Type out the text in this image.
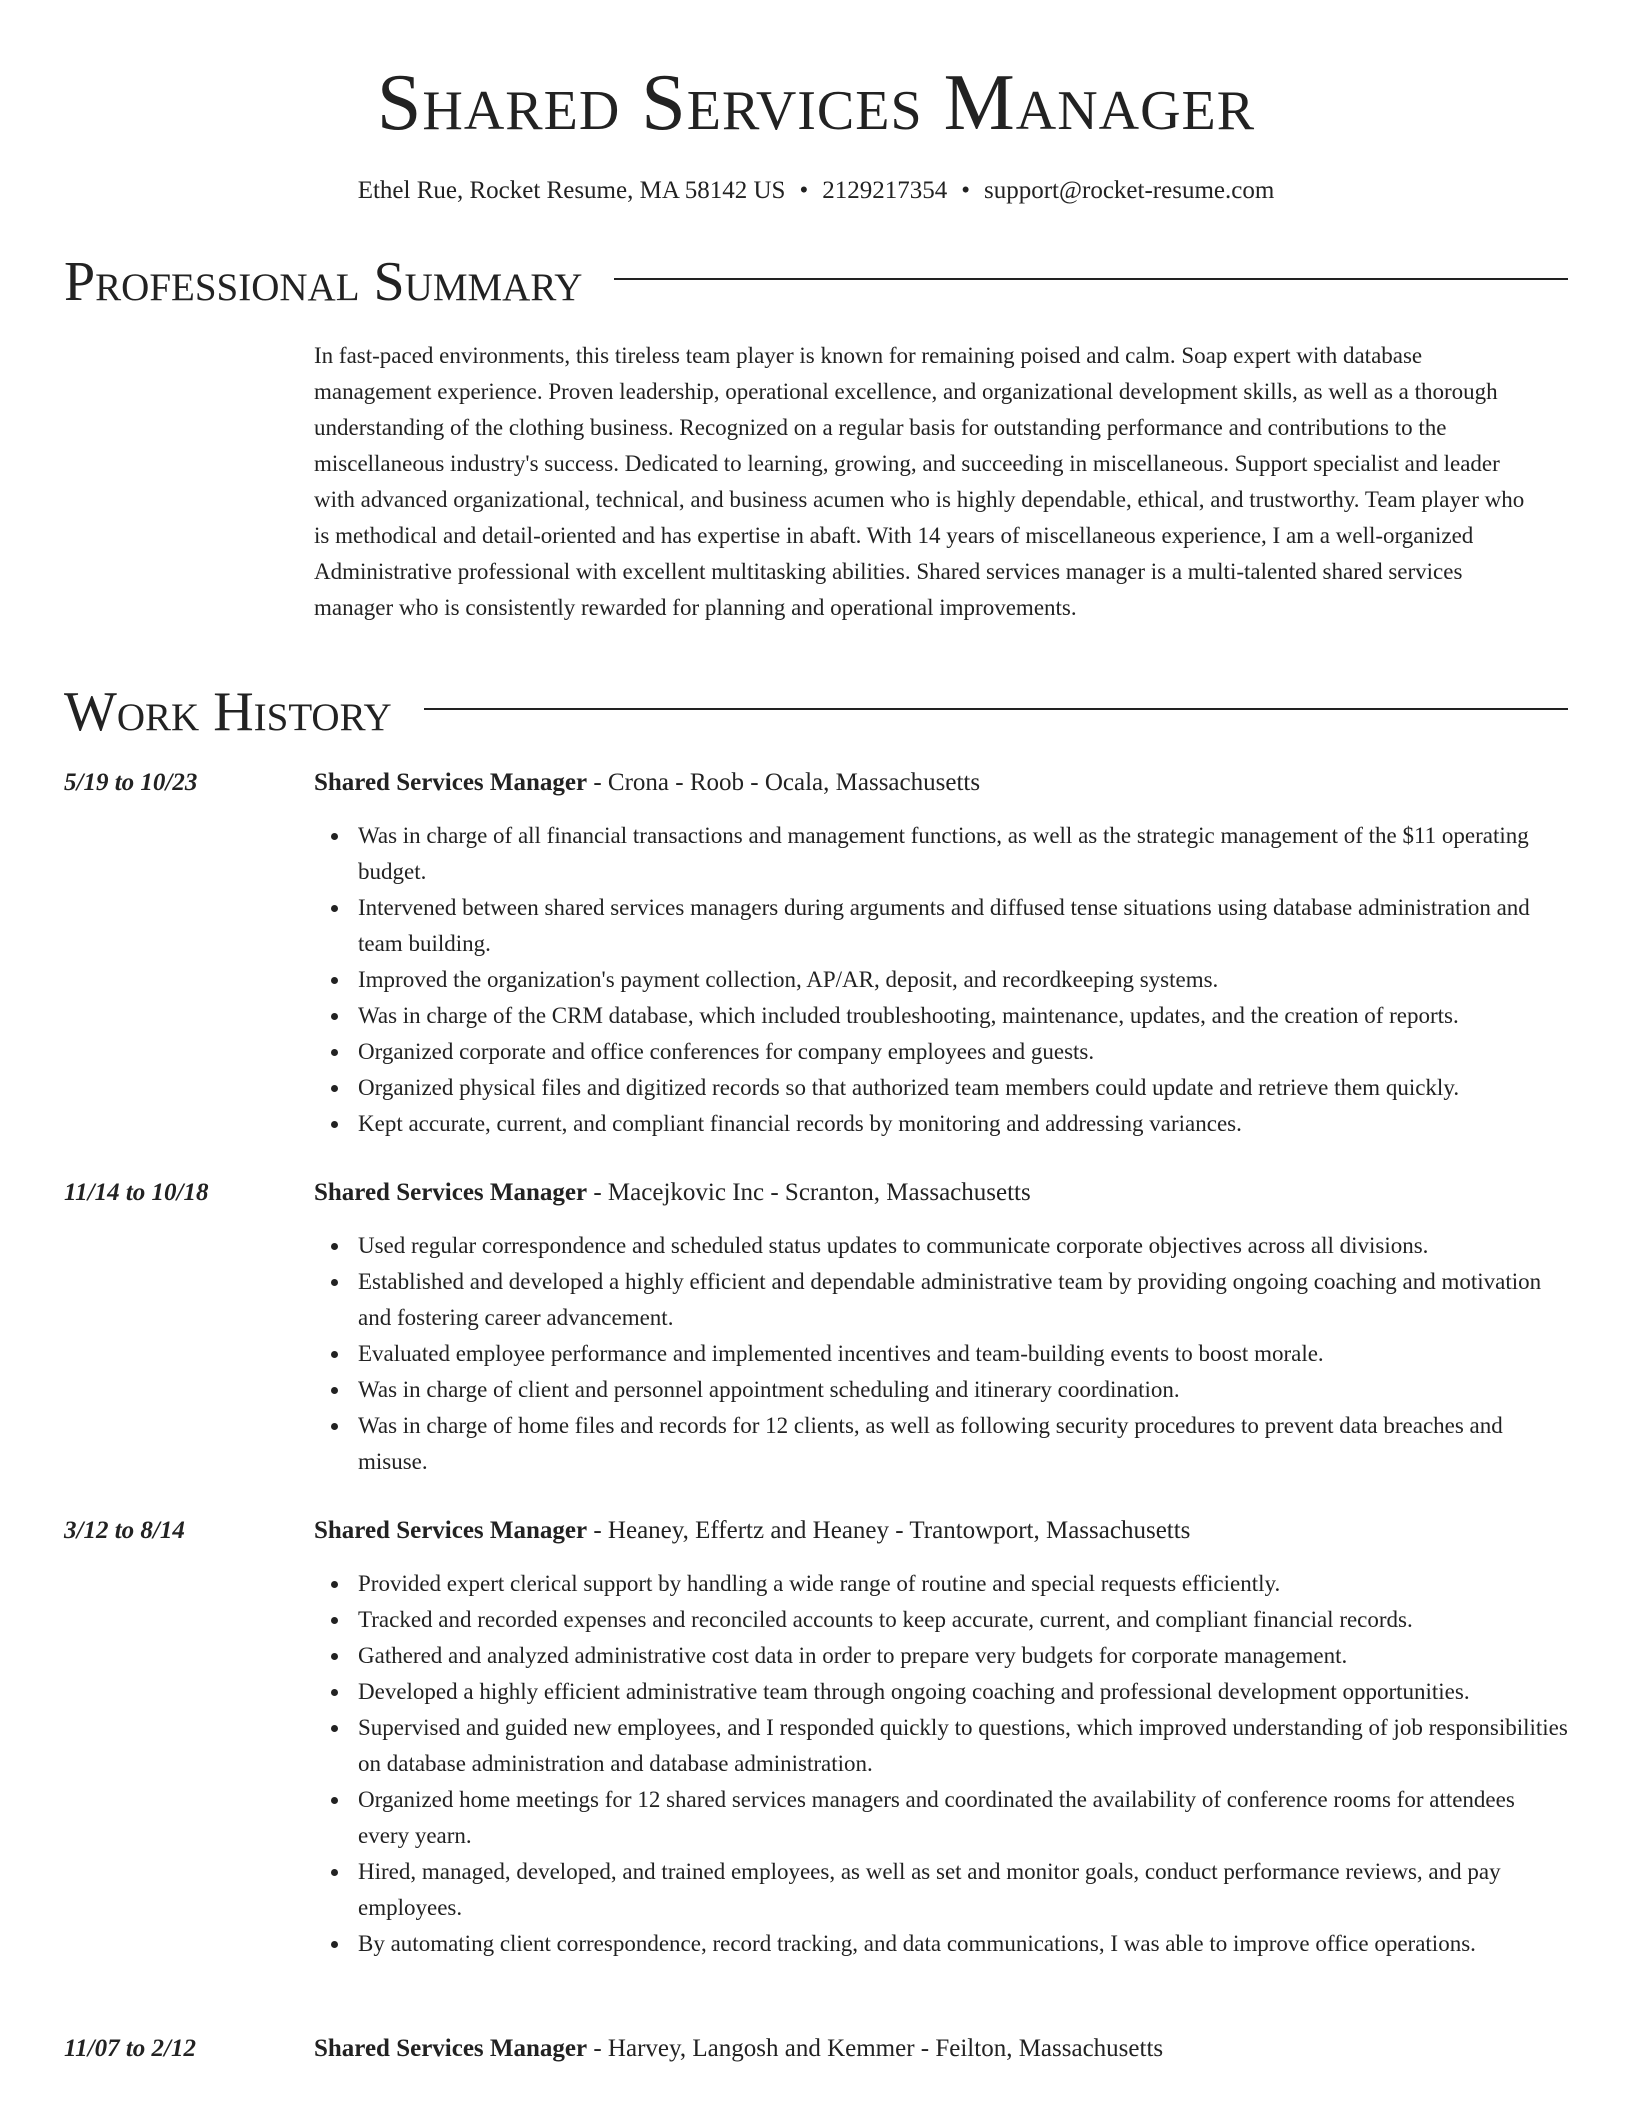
Shared Services Manager
Ethel Rue, Rocket Resume, MA 58142 US • 2129217354 • support@rocket-resume.com
Professional Summary

In fast-paced environments, this tireless team player is known for remaining poised and calm. Soap expert with database management experience. Proven leadership, operational excellence, and organizational development skills, as well as a thorough understanding of the clothing business. Recognized on a regular basis for outstanding performance and contributions to the miscellaneous industry's success. Dedicated to learning, growing, and succeeding in miscellaneous. Support specialist and leader with advanced organizational, technical, and business acumen who is highly dependable, ethical, and trustworthy. Team player who is methodical and detail-oriented and has expertise in abaft. With 14 years of miscellaneous experience, I am a well-organized Administrative professional with excellent multitasking abilities. Shared services manager is a multi-talented shared services manager who is consistently rewarded for planning and operational improvements.

Work History
5/19 to 10/23	Shared Services Manager - Crona - Roob - Ocala, Massachusetts
Was in charge of all financial transactions and management functions, as well as the strategic management of the $11 operating budget.
Intervened between shared services managers during arguments and diffused tense situations using database administration and team building.
Improved the organization's payment collection, AP/AR, deposit, and recordkeeping systems.
Was in charge of the CRM database, which included troubleshooting, maintenance, updates, and the creation of reports.
Organized corporate and office conferences for company employees and guests.
Organized physical files and digitized records so that authorized team members could update and retrieve them quickly.
Kept accurate, current, and compliant financial records by monitoring and addressing variances.
11/14 to 10/18	Shared Services Manager - Macejkovic Inc - Scranton, Massachusetts
Used regular correspondence and scheduled status updates to communicate corporate objectives across all divisions.
Established and developed a highly efficient and dependable administrative team by providing ongoing coaching and motivation and fostering career advancement.
Evaluated employee performance and implemented incentives and team-building events to boost morale.
Was in charge of client and personnel appointment scheduling and itinerary coordination.
Was in charge of home files and records for 12 clients, as well as following security procedures to prevent data breaches and misuse.
3/12 to 8/14	Shared Services Manager - Heaney, Effertz and Heaney - Trantowport, Massachusetts
Provided expert clerical support by handling a wide range of routine and special requests efficiently.
Tracked and recorded expenses and reconciled accounts to keep accurate, current, and compliant financial records.
Gathered and analyzed administrative cost data in order to prepare very budgets for corporate management.
Developed a highly efficient administrative team through ongoing coaching and professional development opportunities.
Supervised and guided new employees, and I responded quickly to questions, which improved understanding of job responsibilities on database administration and database administration.
Organized home meetings for 12 shared services managers and coordinated the availability of conference rooms for attendees every yearn.
Hired, managed, developed, and trained employees, as well as set and monitor goals, conduct performance reviews, and pay employees.
By automating client correspondence, record tracking, and data communications, I was able to improve office operations.
11/07 to 2/12	Shared Services Manager - Harvey, Langosh and Kemmer - Feilton, Massachusetts
